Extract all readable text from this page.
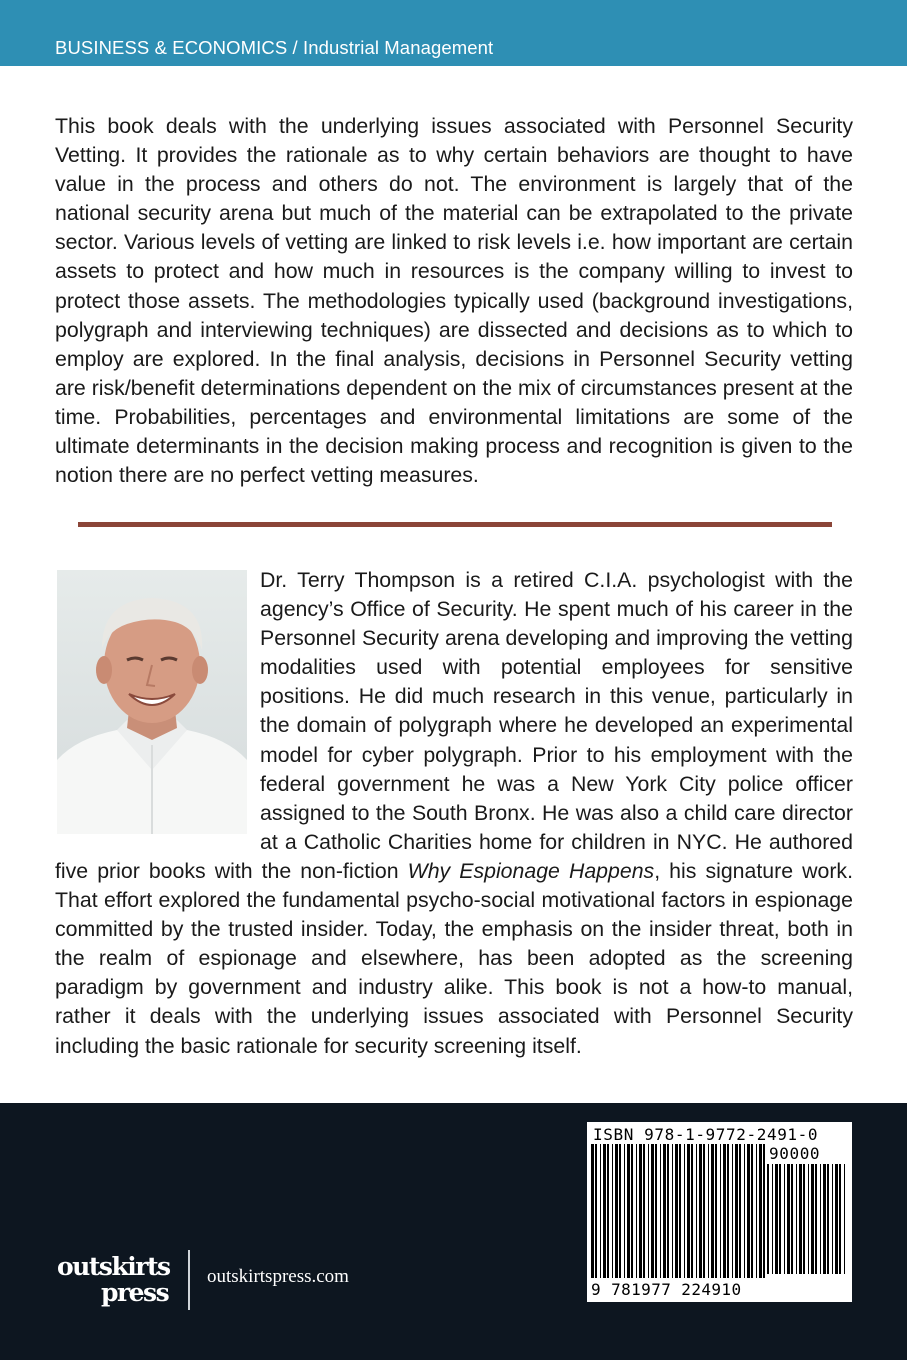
BUSINESS & ECONOMICS / Industrial Management

This book deals with the underlying issues associated with Personnel Security Vetting. It provides the rationale as to why certain behaviors are thought to have value in the process and others do not. The environment is largely that of the national security arena but much of the material can be extrapolated to the private sector. Various levels of vetting are linked to risk levels i.e. how important are certain assets to protect and how much in resources is the company willing to invest to protect those assets. The methodologies typically used (background investigations, polygraph and interviewing techniques) are dissected and decisions as to which to employ are explored. In the final analysis, decisions in Personnel Security vetting are risk/benefit determinations dependent on the mix of circumstances present at the time. Probabilities, percentages and environmental limitations are some of the ultimate determinants in the decision making process and recognition is given to the notion there are no perfect vetting measures.

Dr. Terry Thompson is a retired C.I.A. psychologist with the agency’s Office of Security. He spent much of his career in the Personnel Security arena developing and improving the vetting modalities used with potential employees for sensitive positions. He did much research in this venue, particularly in the domain of polygraph where he developed an experimental model for cyber polygraph. Prior to his employment with the federal government he was a New York City police officer assigned to the South Bronx. He was also a child care director at a Catholic Charities home for children in NYC. He authored five prior books with the non-fiction Why Espionage Happens, his signature work. That effort explored the fundamental psycho-social motivational factors in espionage committed by the trusted insider. Today, the emphasis on the insider threat, both in the realm of espionage and elsewhere, has been adopted as the screening paradigm by government and industry alike. This book is not a how-to manual, rather it deals with the underlying issues associated with Personnel Security including the basic rationale for security screening itself.

outskirts
press
outskirtspress.com
ISBN 978-1-9772-2491-0
90000
9 781977 224910
